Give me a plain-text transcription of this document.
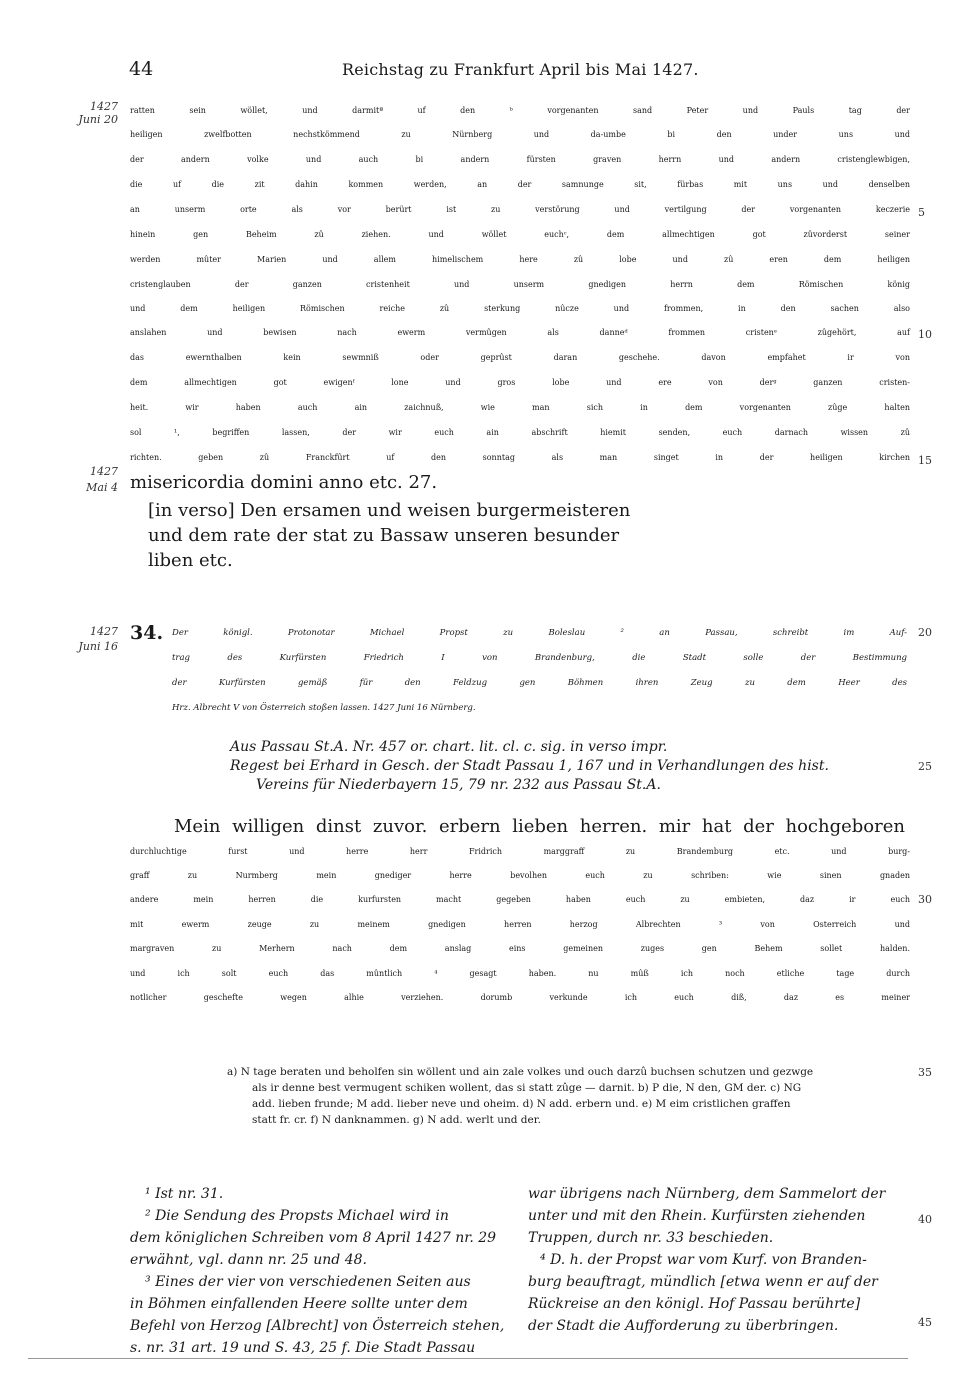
44	Reichstag zu Frankfurt April bis Mai 1427.
1427
Juni 20
1427
Mai 4
1427
Juni 16
5
10
15
20
25
30
35
40
45
ratten sein wöllet, und darmitª uf den ᵇ vorgenanten sand Peter und Pauls tag der
heiligen zwelfbotten nechstkömmend zu Nürnberg und da-umbe bi den under uns und
der andern volke und auch bi andern fürsten graven herrn und andern cristenglewbigen,
die uf die zit dahin kommen werden, an der samnunge sit, fürbas mit uns und denselben
an unserm orte als vor berürt ist zu verstörung und vertilgung der vorgenanten keczerie
hinein gen Beheim zû ziehen. und wöllet euchᶜ, dem allmechtigen got zûvorderst seiner
werden mûter Marien und allem himelischem here zû lobe und zû eren dem heiligen
cristenglauben der ganzen cristenheit und unserm gnedigen herrn dem Römischen könig
und dem heiligen Römischen reiche zû sterkung nûcze und frommen, in den sachen also
anslahen und bewisen nach ewerm vermûgen als danneᵈ frommen cristenᵉ zûgehört, auf
das ewernthalben kein sewmniß oder geprûst daran geschehe. davon empfahet ir von
dem allmechtigen got ewigenᶠ lone und gros lobe und ere von derᵍ ganzen cristen-
heit. wir haben auch ain zaichnuß, wie man sich in dem vorgenanten zûge halten
sol ¹, begriffen lassen, der wir euch ain abschrift hiemit senden, euch darnach wissen zû
richten. geben zû Franckfûrt uf den sonntag als man singet in der heiligen kirchen
misericordia domini anno etc. 27.
[in verso] Den ersamen und weisen burgermeisteren
und dem rate der stat zu Bassaw unseren besunder
liben etc.
34. Der königl. Protonotar Michael Propst zu Boleslau ² an Passau, schreibt im Auf-
trag des Kurfürsten Friedrich I von Brandenburg, die Stadt solle der Bestimmung
der Kurfürsten gemäß für den Feldzug gen Böhmen ihren Zeug zu dem Heer des
Hrz. Albrecht V von Österreich stoßen lassen. 1427 Juni 16 Nürnberg.
Aus Passau St.A. Nr. 457 or. chart. lit. cl. c. sig. in verso impr.
Regest bei Erhard in Gesch. der Stadt Passau 1, 167 und in Verhandlungen des hist.
Vereins für Niederbayern 15, 79 nr. 232 aus Passau St.A.
Mein willigen dinst zuvor. erbern lieben herren. mir hat der hochgeboren
durchluchtige furst und herre herr Fridrich marggraff zu Brandemburg etc. und burg-
graff zu Nurmberg mein gnediger herre bevolhen euch zu schriben: wie sinen gnaden
andere mein herren die kurfursten macht gegeben haben euch zu embieten, daz ir euch
mit ewerm zeuge zu meinem gnedigen herren herzog Albrechten ³ von Osterreich und
margraven zu Merhern nach dem anslag eins gemeinen zuges gen Behem sollet halden.
und ich solt euch das mûntlich ⁴ gesagt haben. nu mûß ich noch etliche tage durch
notlicher geschefte wegen alhie verziehen. dorumb verkunde ich euch diß, daz es meiner
a) N tage beraten und beholfen sin wöllent und ain zale volkes und ouch darzû buchsen schutzen und gezwge
als ir denne best vermugent schiken wollent, das si statt zûge — darnit. b) P die, N den, GM der. c) NG
add. lieben frunde; M add. lieber neve und oheim. d) N add. erbern und. e) M eim cristlichen graffen
statt fr. cr. f) N danknammen. g) N add. werlt und der.
¹ Ist nr. 31.
² Die Sendung des Propsts Michael wird in
dem königlichen Schreiben vom 8 April 1427 nr. 29
erwähnt, vgl. dann nr. 25 und 48.
³ Eines der vier von verschiedenen Seiten aus
in Böhmen einfallenden Heere sollte unter dem
Befehl von Herzog [Albrecht] von Österreich stehen,
s. nr. 31 art. 19 und S. 43, 25 f. Die Stadt Passau
war übrigens nach Nürnberg, dem Sammelort der
unter und mit den Rhein. Kurfürsten ziehenden
Truppen, durch nr. 33 beschieden.
⁴ D. h. der Propst war vom Kurf. von Branden-
burg beauftragt, mündlich [etwa wenn er auf der
Rückreise an den königl. Hof Passau berührte]
der Stadt die Aufforderung zu überbringen.
